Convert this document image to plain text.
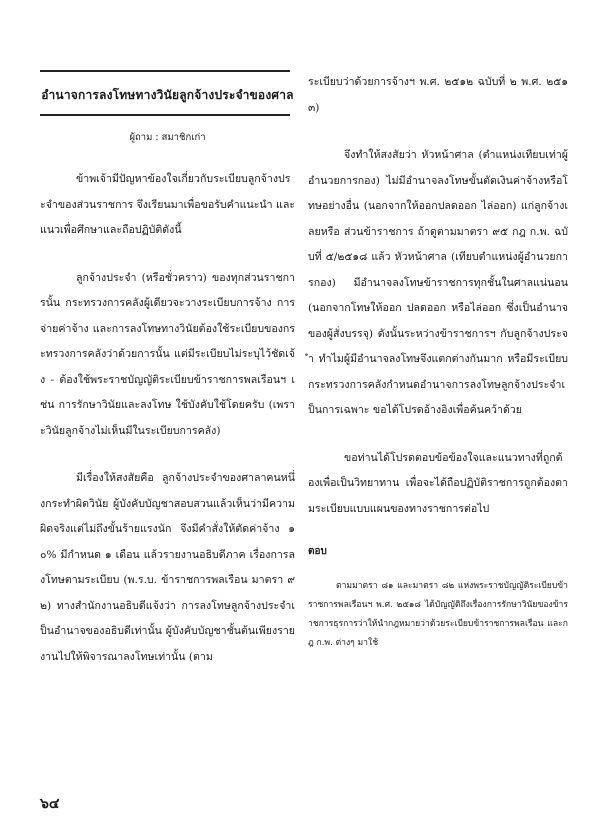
อำนาจการลงโทษทางวินัยลูกจ้างประจำของศาล
ผู้ถาม : สมาชิกเก่า

ข้าพเจ้ามีปัญหาข้องใจเกี่ยวกับระเบียบลูกจ้างประจำของส่วนราชการ จึงเรียนมาเพื่อขอรับคำแนะนำ และแนวเพื่อศึกษาและถือปฏิบัติดังนี้

ลูกจ้างประจำ (หรือชั่วคราว) ของทุกส่วนราชการนั้น กระทรวงการคลังผู้เดียวจะวางระเบียบการจ้าง การจ่ายค่าจ้าง และการลงโทษทางวินัยต้องใช้ระเบียบของกระทรวงการคลังว่าด้วยการนั้น แต่มีระเบียบไม่ระบุไว้ชัดเจ้ง - ต้องใช้พระราชบัญญัติระเบียบข้าราชการพลเรือนฯ เช่น การรักษาวินัยและลงโทษ ใช้บังคับใช้โดยครับ (เพราะวินัยลูกจ้างไม่เห็นมีในระเบียบการคลัง)

มีเรื่องให้สงสัยคือ ลูกจ้างประจำของศาลาคนหนึ่งกระทำผิดวินัย ผู้บังคับบัญชาสอบสวนแล้วเห็นว่ามีความผิดจริงแต่ไม่ถึงขั้นร้ายแรงนัก จึงมีคำสั่งให้ตัดค่าจ้าง ๑๐% มีกำหนด ๑ เดือน แล้วรายงานอธิบดีภาค เรื่องการลงโทษตามระเบียบ (พ.ร.บ. ข้าราชการพลเรือน มาตรา ๙๒) ทางสำนักงานอธิบดีแจ้งว่า การลงโทษลูกจ้างประจำเป็นอำนาจของอธิบดีเท่านั้น ผู้บังคับบัญชาชั้นต้นเพียงรายงานไปให้พิจารณาลงโทษเท่านั้น (ตาม

ระเบียบว่าด้วยการจ้างฯ พ.ศ. ๒๕๑๒ ฉบับที่ ๒ พ.ศ. ๒๕๑๓)

จึงทำให้สงสัยว่า หัวหน้าศาล (ตำแหน่งเทียบเท่าผู้อำนวยการกอง) ไม่มีอำนาจลงโทษขั้นตัดเงินค่าจ้างหรือโทษอย่างอื่น (นอกจากให้ออกปลดออก ไล่ออก) แก่ลูกจ้างเลยหรือ ส่วนข้าราชการ ถ้าดูตามมาตรา ๙๕ กฎ ก.พ. ฉบับที่ ๕/๒๕๑๘ แล้ว หัวหน้าศาล (เทียบตำแหน่งผู้อำนวยการกอง) มีอำนาจลงโทษข้าราชการทุกชั้นในศาลแน่นอน (นอกจากโทษให้ออก ปลดออก หรือไล่ออก ซึ่งเป็นอำนาจของผู้สั่งบรรจุ) ดังนั้นระหว่างข้าราชการฯ กับลูกจ้างประจำ ทำไมผู้มีอำนาจลงโทษจึงแตกต่างกันมาก หรือมีระเบียบกระทรวงการคลังกำหนดอำนาจการลงโทษลูกจ้างประจำเป็นการเฉพาะ ขอได้โปรดอ้างอิงเพื่อค้นคว้าด้วย

ขอท่านได้โปรดตอบข้อข้องใจและแนวทางที่ถูกต้องเพื่อเป็นวิทยาทาน เพื่อจะได้ถือปฏิบัติราชการถูกต้องตามระเบียบแบบแผนของทางราชการต่อไป

ตอบ
ตามมาตรา ๘๑ และมาตรา ๘๒ แห่งพระราชบัญญัติระเบียบข้าราชการพลเรือนฯ พ.ศ. ๒๕๑๘ ได้บัญญัติถึงเรื่องการรักษาวินัยของข้าราชการธุรการว่าให้นำกฎหมายว่าด้วยระเบียบข้าราชการพลเรือน และกฎ ก.พ. ต่างๆ มาใช้
๖๔
